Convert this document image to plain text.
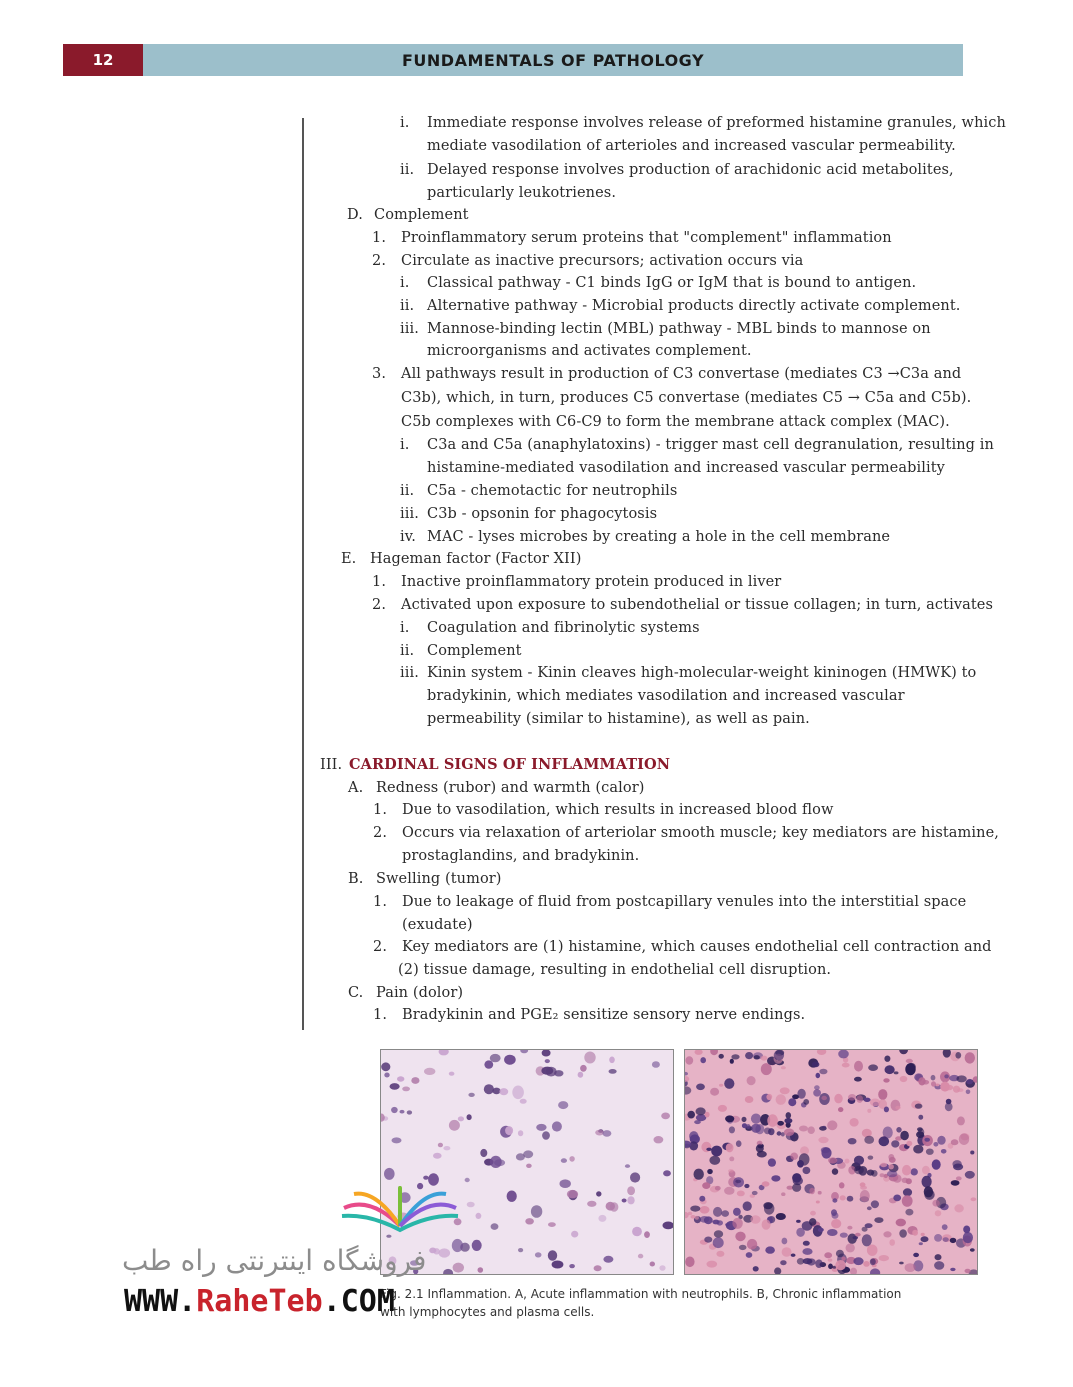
12	FUNDAMENTALS OF PATHOLOGY
i. Immediate response involves release of preformed histamine granules, which
mediate vasodilation of arterioles and increased vascular permeability.
ii. Delayed response involves production of arachidonic acid metabolites,
particularly leukotrienes.
D. Complement
1. Proinflammatory serum proteins that "complement" inflammation
2. Circulate as inactive precursors; activation occurs via
i. Classical pathway - C1 binds IgG or IgM that is bound to antigen.
ii. Alternative pathway - Microbial products directly activate complement.
iii. Mannose-binding lectin (MBL) pathway - MBL binds to mannose on
microorganisms and activates complement.
3. All pathways result in production of C3 convertase (mediates C3 →C3a and
C3b), which, in turn, produces C5 convertase (mediates C5 → C5a and C5b).
C5b complexes with C6-C9 to form the membrane attack complex (MAC).
i. C3a and C5a (anaphylatoxins) - trigger mast cell degranulation, resulting in
histamine-mediated vasodilation and increased vascular permeability
ii. C5a - chemotactic for neutrophils
iii. C3b - opsonin for phagocytosis
iv. MAC - lyses microbes by creating a hole in the cell membrane
E. Hageman factor (Factor XII)
1. Inactive proinflammatory protein produced in liver
2. Activated upon exposure to subendothelial or tissue collagen; in turn, activates
i. Coagulation and fibrinolytic systems
ii. Complement
iii. Kinin system - Kinin cleaves high-molecular-weight kininogen (HMWK) to
bradykinin, which mediates vasodilation and increased vascular
permeability (similar to histamine), as well as pain.
III. CARDINAL SIGNS OF INFLAMMATION
A. Redness (rubor) and warmth (calor)
1. Due to vasodilation, which results in increased blood flow
2. Occurs via relaxation of arteriolar smooth muscle; key mediators are histamine,
prostaglandins, and bradykinin.
B. Swelling (tumor)
1. Due to leakage of fluid from postcapillary venules into the interstitial space
(exudate)
2. Key mediators are (1) histamine, which causes endothelial cell contraction and
(2) tissue damage, resulting in endothelial cell disruption.
C. Pain (dolor)
1. Bradykinin and PGE₂ sensitize sensory nerve endings.
Fig. 2.1 Inflammation. A, Acute inflammation with neutrophils. B, Chronic inflammation
with lymphocytes and plasma cells.
فروشگاه اینترنتی راه طب
WWW.RaheTeb.COM
